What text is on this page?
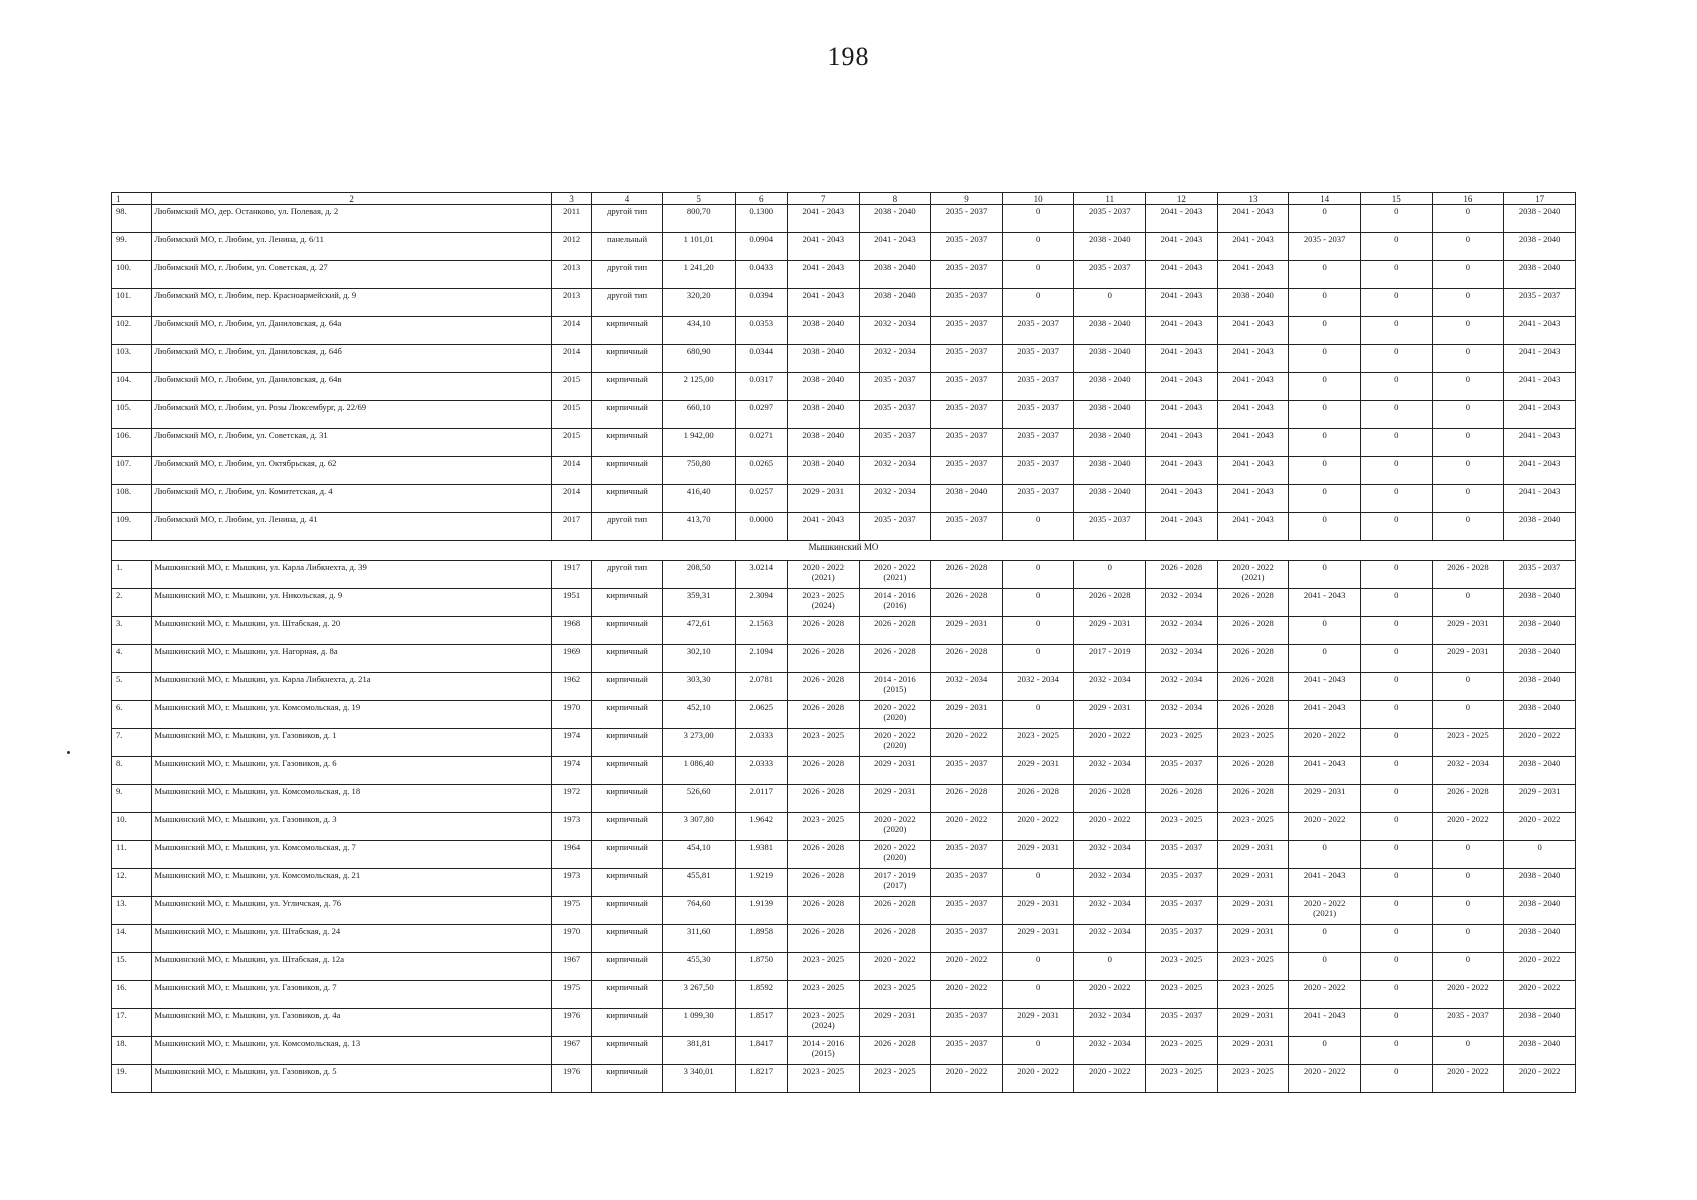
198
1	2	3	4	5	6	7	8	9	10	11	12	13	14	15	16	17

98.	Любимский МО, дер. Останково, ул. Полевая, д. 2	2011	другой тип	800,70	0.1300	2041 - 2043	2038 - 2040	2035 - 2037	0	2035 - 2037	2041 - 2043	2041 - 2043	0	0	0	2038 - 2040

99.	Любимский МО, г. Любим, ул. Ленина, д. 6/11	2012	панельный	1 101,01	0.0904	2041 - 2043	2041 - 2043	2035 - 2037	0	2038 - 2040	2041 - 2043	2041 - 2043	2035 - 2037	0	0	2038 - 2040

100.	Любимский МО, г. Любим, ул. Советская, д. 27	2013	другой тип	1 241,20	0.0433	2041 - 2043	2038 - 2040	2035 - 2037	0	2035 - 2037	2041 - 2043	2041 - 2043	0	0	0	2038 - 2040

101.	Любимский МО, г. Любим, пер. Красноармейский, д. 9	2013	другой тип	320,20	0.0394	2041 - 2043	2038 - 2040	2035 - 2037	0	0	2041 - 2043	2038 - 2040	0	0	0	2035 - 2037

102.	Любимский МО, г. Любим, ул. Даниловская, д. 64а	2014	кирпичный	434,10	0.0353	2038 - 2040	2032 - 2034	2035 - 2037	2035 - 2037	2038 - 2040	2041 - 2043	2041 - 2043	0	0	0	2041 - 2043

103.	Любимский МО, г. Любим, ул. Даниловская, д. 64б	2014	кирпичный	680,90	0.0344	2038 - 2040	2032 - 2034	2035 - 2037	2035 - 2037	2038 - 2040	2041 - 2043	2041 - 2043	0	0	0	2041 - 2043

104.	Любимский МО, г. Любим, ул. Даниловская, д. 64в	2015	кирпичный	2 125,00	0.0317	2038 - 2040	2035 - 2037	2035 - 2037	2035 - 2037	2038 - 2040	2041 - 2043	2041 - 2043	0	0	0	2041 - 2043

105.	Любимский МО, г. Любим, ул. Розы Люксембург, д. 22/69	2015	кирпичный	660,10	0.0297	2038 - 2040	2035 - 2037	2035 - 2037	2035 - 2037	2038 - 2040	2041 - 2043	2041 - 2043	0	0	0	2041 - 2043

106.	Любимский МО, г. Любим, ул. Советская, д. 31	2015	кирпичный	1 942,00	0.0271	2038 - 2040	2035 - 2037	2035 - 2037	2035 - 2037	2038 - 2040	2041 - 2043	2041 - 2043	0	0	0	2041 - 2043

107.	Любимский МО, г. Любим, ул. Октябрьская, д. 62	2014	кирпичный	750,80	0.0265	2038 - 2040	2032 - 2034	2035 - 2037	2035 - 2037	2038 - 2040	2041 - 2043	2041 - 2043	0	0	0	2041 - 2043

108.	Любимский МО, г. Любим, ул. Комитетская, д. 4	2014	кирпичный	416,40	0.0257	2029 - 2031	2032 - 2034	2038 - 2040	2035 - 2037	2038 - 2040	2041 - 2043	2041 - 2043	0	0	0	2041 - 2043

109.	Любимский МО, г. Любим, ул. Ленина, д. 41	2017	другой тип	413,70	0.0000	2041 - 2043	2035 - 2037	2035 - 2037	0	2035 - 2037	2041 - 2043	2041 - 2043	0	0	0	2038 - 2040

Мышкинский МО																

1.	Мышкинский МО, г. Мышкин, ул. Карла Либкнехта, д. 39	1917	другой тип	208,50	3.0214	2020 - 2022
(2021)	2020 - 2022
(2021)	2026 - 2028	0	0	2026 - 2028	2020 - 2022
(2021)	0	0	2026 - 2028	2035 - 2037

2.	Мышкинский МО, г. Мышкин, ул. Никольская, д. 9	1951	кирпичный	359,31	2.3094	2023 - 2025
(2024)	2014 - 2016
(2016)	2026 - 2028	0	2026 - 2028	2032 - 2034	2026 - 2028	2041 - 2043	0	0	2038 - 2040

3.	Мышкинский МО, г. Мышкин, ул. Штабская, д. 20	1968	кирпичный	472,61	2.1563	2026 - 2028	2026 - 2028	2029 - 2031	0	2029 - 2031	2032 - 2034	2026 - 2028	0	0	2029 - 2031	2038 - 2040

4.	Мышкинский МО, г. Мышкин, ул. Нагорная, д. 8а	1969	кирпичный	302,10	2.1094	2026 - 2028	2026 - 2028	2026 - 2028	0	2017 - 2019	2032 - 2034	2026 - 2028	0	0	2029 - 2031	2038 - 2040

5.	Мышкинский МО, г. Мышкин, ул. Карла Либкнехта, д. 21а	1962	кирпичный	303,30	2.0781	2026 - 2028	2014 - 2016
(2015)	2032 - 2034	2032 - 2034	2032 - 2034	2032 - 2034	2026 - 2028	2041 - 2043	0	0	2038 - 2040

6.	Мышкинский МО, г. Мышкин, ул. Комсомольская, д. 19	1970	кирпичный	452,10	2.0625	2026 - 2028	2020 - 2022
(2020)	2029 - 2031	0	2029 - 2031	2032 - 2034	2026 - 2028	2041 - 2043	0	0	2038 - 2040

7.	Мышкинский МО, г. Мышкин, ул. Газовиков, д. 1	1974	кирпичный	3 273,00	2.0333	2023 - 2025	2020 - 2022
(2020)	2020 - 2022	2023 - 2025	2020 - 2022	2023 - 2025	2023 - 2025	2020 - 2022	0	2023 - 2025	2020 - 2022

8.	Мышкинский МО, г. Мышкин, ул. Газовиков, д. 6	1974	кирпичный	1 086,40	2.0333	2026 - 2028	2029 - 2031	2035 - 2037	2029 - 2031	2032 - 2034	2035 - 2037	2026 - 2028	2041 - 2043	0	2032 - 2034	2038 - 2040

9.	Мышкинский МО, г. Мышкин, ул. Комсомольская, д. 18	1972	кирпичный	526,60	2.0117	2026 - 2028	2029 - 2031	2026 - 2028	2026 - 2028	2026 - 2028	2026 - 2028	2026 - 2028	2029 - 2031	0	2026 - 2028	2029 - 2031

10.	Мышкинский МО, г. Мышкин, ул. Газовиков, д. 3	1973	кирпичный	3 307,80	1.9642	2023 - 2025	2020 - 2022
(2020)	2020 - 2022	2020 - 2022	2020 - 2022	2023 - 2025	2023 - 2025	2020 - 2022	0	2020 - 2022	2020 - 2022

11.	Мышкинский МО, г. Мышкин, ул. Комсомольская, д. 7	1964	кирпичный	454,10	1.9381	2026 - 2028	2020 - 2022
(2020)	2035 - 2037	2029 - 2031	2032 - 2034	2035 - 2037	2029 - 2031	0	0	0	0

12.	Мышкинский МО, г. Мышкин, ул. Комсомольская, д. 21	1973	кирпичный	455,81	1.9219	2026 - 2028	2017 - 2019
(2017)	2035 - 2037	0	2032 - 2034	2035 - 2037	2029 - 2031	2041 - 2043	0	0	2038 - 2040

13.	Мышкинский МО, г. Мышкин, ул. Угличская, д. 76	1975	кирпичный	764,60	1.9139	2026 - 2028	2026 - 2028	2035 - 2037	2029 - 2031	2032 - 2034	2035 - 2037	2029 - 2031	2020 - 2022
(2021)	0	0	2038 - 2040

14.	Мышкинский МО, г. Мышкин, ул. Штабская, д. 24	1970	кирпичный	311,60	1.8958	2026 - 2028	2026 - 2028	2035 - 2037	2029 - 2031	2032 - 2034	2035 - 2037	2029 - 2031	0	0	0	2038 - 2040

15.	Мышкинский МО, г. Мышкин, ул. Штабская, д. 12а	1967	кирпичный	455,30	1.8750	2023 - 2025	2020 - 2022	2020 - 2022	0	0	2023 - 2025	2023 - 2025	0	0	0	2020 - 2022

16.	Мышкинский МО, г. Мышкин, ул. Газовиков, д. 7	1975	кирпичный	3 267,50	1.8592	2023 - 2025	2023 - 2025	2020 - 2022	0	2020 - 2022	2023 - 2025	2023 - 2025	2020 - 2022	0	2020 - 2022	2020 - 2022

17.	Мышкинский МО, г. Мышкин, ул. Газовиков, д. 4а	1976	кирпичный	1 099,30	1.8517	2023 - 2025
(2024)	2029 - 2031	2035 - 2037	2029 - 2031	2032 - 2034	2035 - 2037	2029 - 2031	2041 - 2043	0	2035 - 2037	2038 - 2040

18.	Мышкинский МО, г. Мышкин, ул. Комсомольская, д. 13	1967	кирпичный	381,81	1.8417	2014 - 2016
(2015)	2026 - 2028	2035 - 2037	0	2032 - 2034	2023 - 2025	2029 - 2031	0	0	0	2038 - 2040

19.	Мышкинский МО, г. Мышкин, ул. Газовиков, д. 5	1976	кирпичный	3 340,01	1.8217	2023 - 2025	2023 - 2025	2020 - 2022	2020 - 2022	2020 - 2022	2023 - 2025	2023 - 2025	2020 - 2022	0	2020 - 2022	2020 - 2022
